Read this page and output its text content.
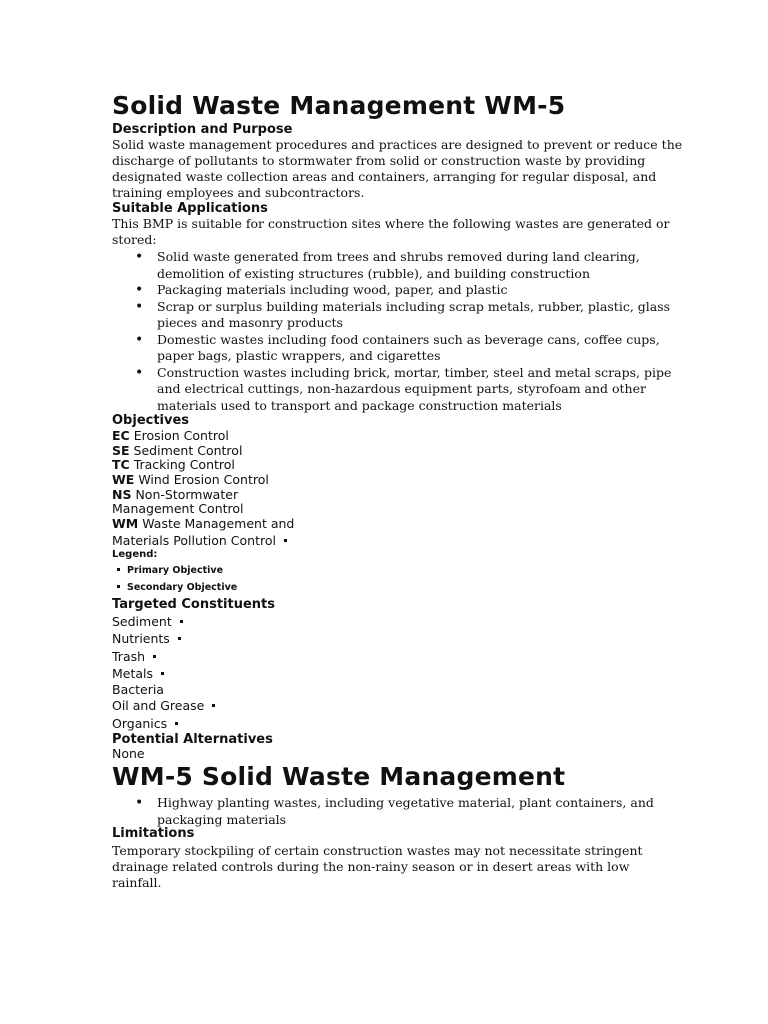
Solid Waste Management WM-5
Description and Purpose

Solid waste management procedures and practices are designed to prevent or reduce the
discharge of pollutants to stormwater from solid or construction waste by providing
designated waste collection areas and containers, arranging for regular disposal, and
training employees and subcontractors.

Suitable Applications

This BMP is suitable for construction sites where the following wastes are generated or
stored:

• Solid waste generated from trees and shrubs removed during land clearing,
demolition of existing structures (rubble), and building construction
• Packaging materials including wood, paper, and plastic
• Scrap or surplus building materials including scrap metals, rubber, plastic, glass
pieces and masonry products
• Domestic wastes including food containers such as beverage cans, coffee cups,
paper bags, plastic wrappers, and cigarettes
• Construction wastes including brick, mortar, timber, steel and metal scraps, pipe
and electrical cuttings, non-hazardous equipment parts, styrofoam and other
materials used to transport and package construction materials
Objectives
EC Erosion Control
SE Sediment Control
TC Tracking Control
WE Wind Erosion Control
NS Non-Stormwater
Management Control
WM Waste Management and
Materials Pollution Control
Legend:
Primary Objective
Secondary Objective
Targeted Constituents
Sediment
Nutrients
Trash
Metals
Bacteria
Oil and Grease
Organics
Potential Alternatives
None
WM-5 Solid Waste Management
• Highway planting wastes, including vegetative material, plant containers, and
packaging materials
Limitations

Temporary stockpiling of certain construction wastes may not necessitate stringent
drainage related controls during the non-rainy season or in desert areas with low
rainfall.
